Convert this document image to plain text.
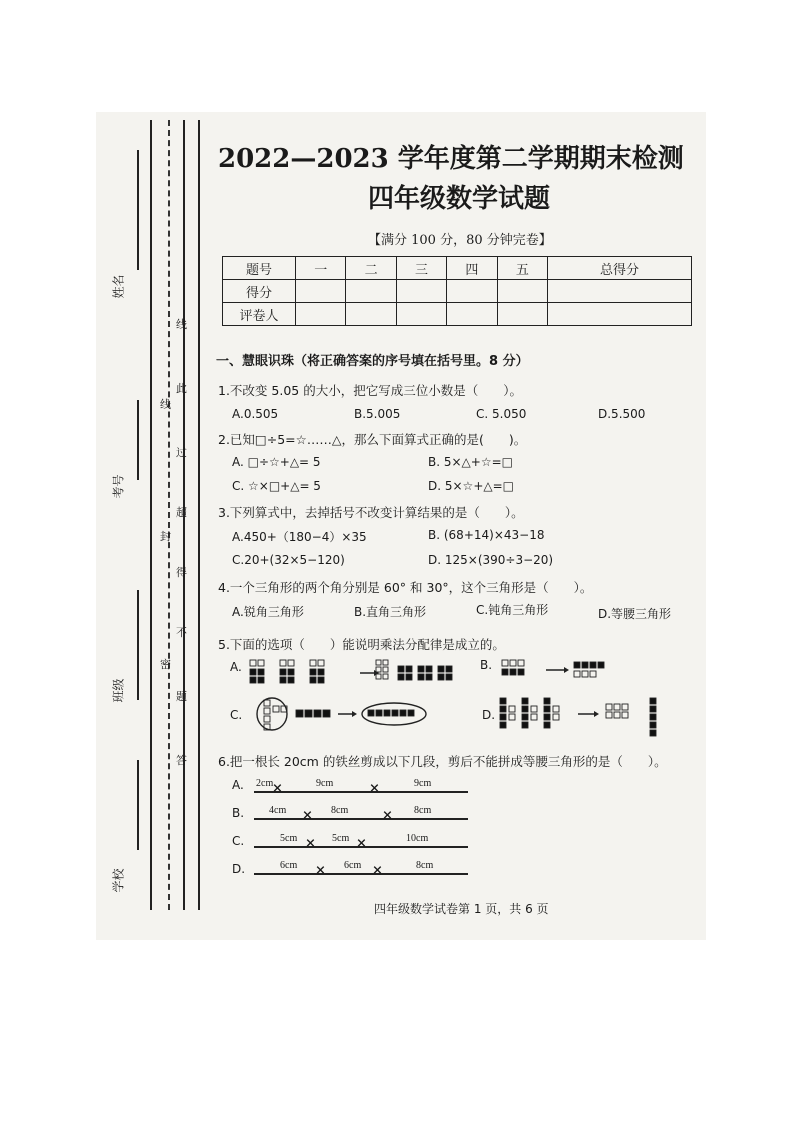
姓名
考号
班级
学校
线
此
过
超
得
不
线
封
密
题
答
2022—2023 学年度第二学期期末检测
四年级数学试题
【满分 100 分，80 分钟完卷】
题号	一	二	三	四	五	总得分
得分						
评卷人						
一、慧眼识珠（将正确答案的序号填在括号里。8 分）
1.不改变 5.05 的大小，把它写成三位小数是（　　）。
A.0.505	B.5.005	C. 5.050	D.5.500
2.已知□÷5=☆……△，那么下面算式正确的是(　　)。
A. □÷☆+△= 5	B. 5×△+☆=□
C. ☆×□+△= 5	D. 5×☆+△=□
3.下列算式中，去掉括号不改变计算结果的是（　　）。
A.450+（180−4）×35	B. (68+14)×43−18
C.20+(32×5−120)	D. 125×(390÷3−20)
4.一个三角形的两个角分别是 60° 和 30°，这个三角形是（　　）。
A.锐角三角形	B.直角三角形	C.钝角三角形	D.等腰三角形
5.下面的选项（　　）能说明乘法分配律是成立的。
A.	B.
C.	D.
6.把一根长 20cm 的铁丝剪成以下几段，剪后不能拼成等腰三角形的是（　　）。
A.
B.
C.
D.
2cm	9cm	9cm
×	×
4cm	8cm	8cm
×	×
5cm	5cm	10cm
×	×
6cm	6cm	8cm
×	×
四年级数学试卷第 1 页，共 6 页
